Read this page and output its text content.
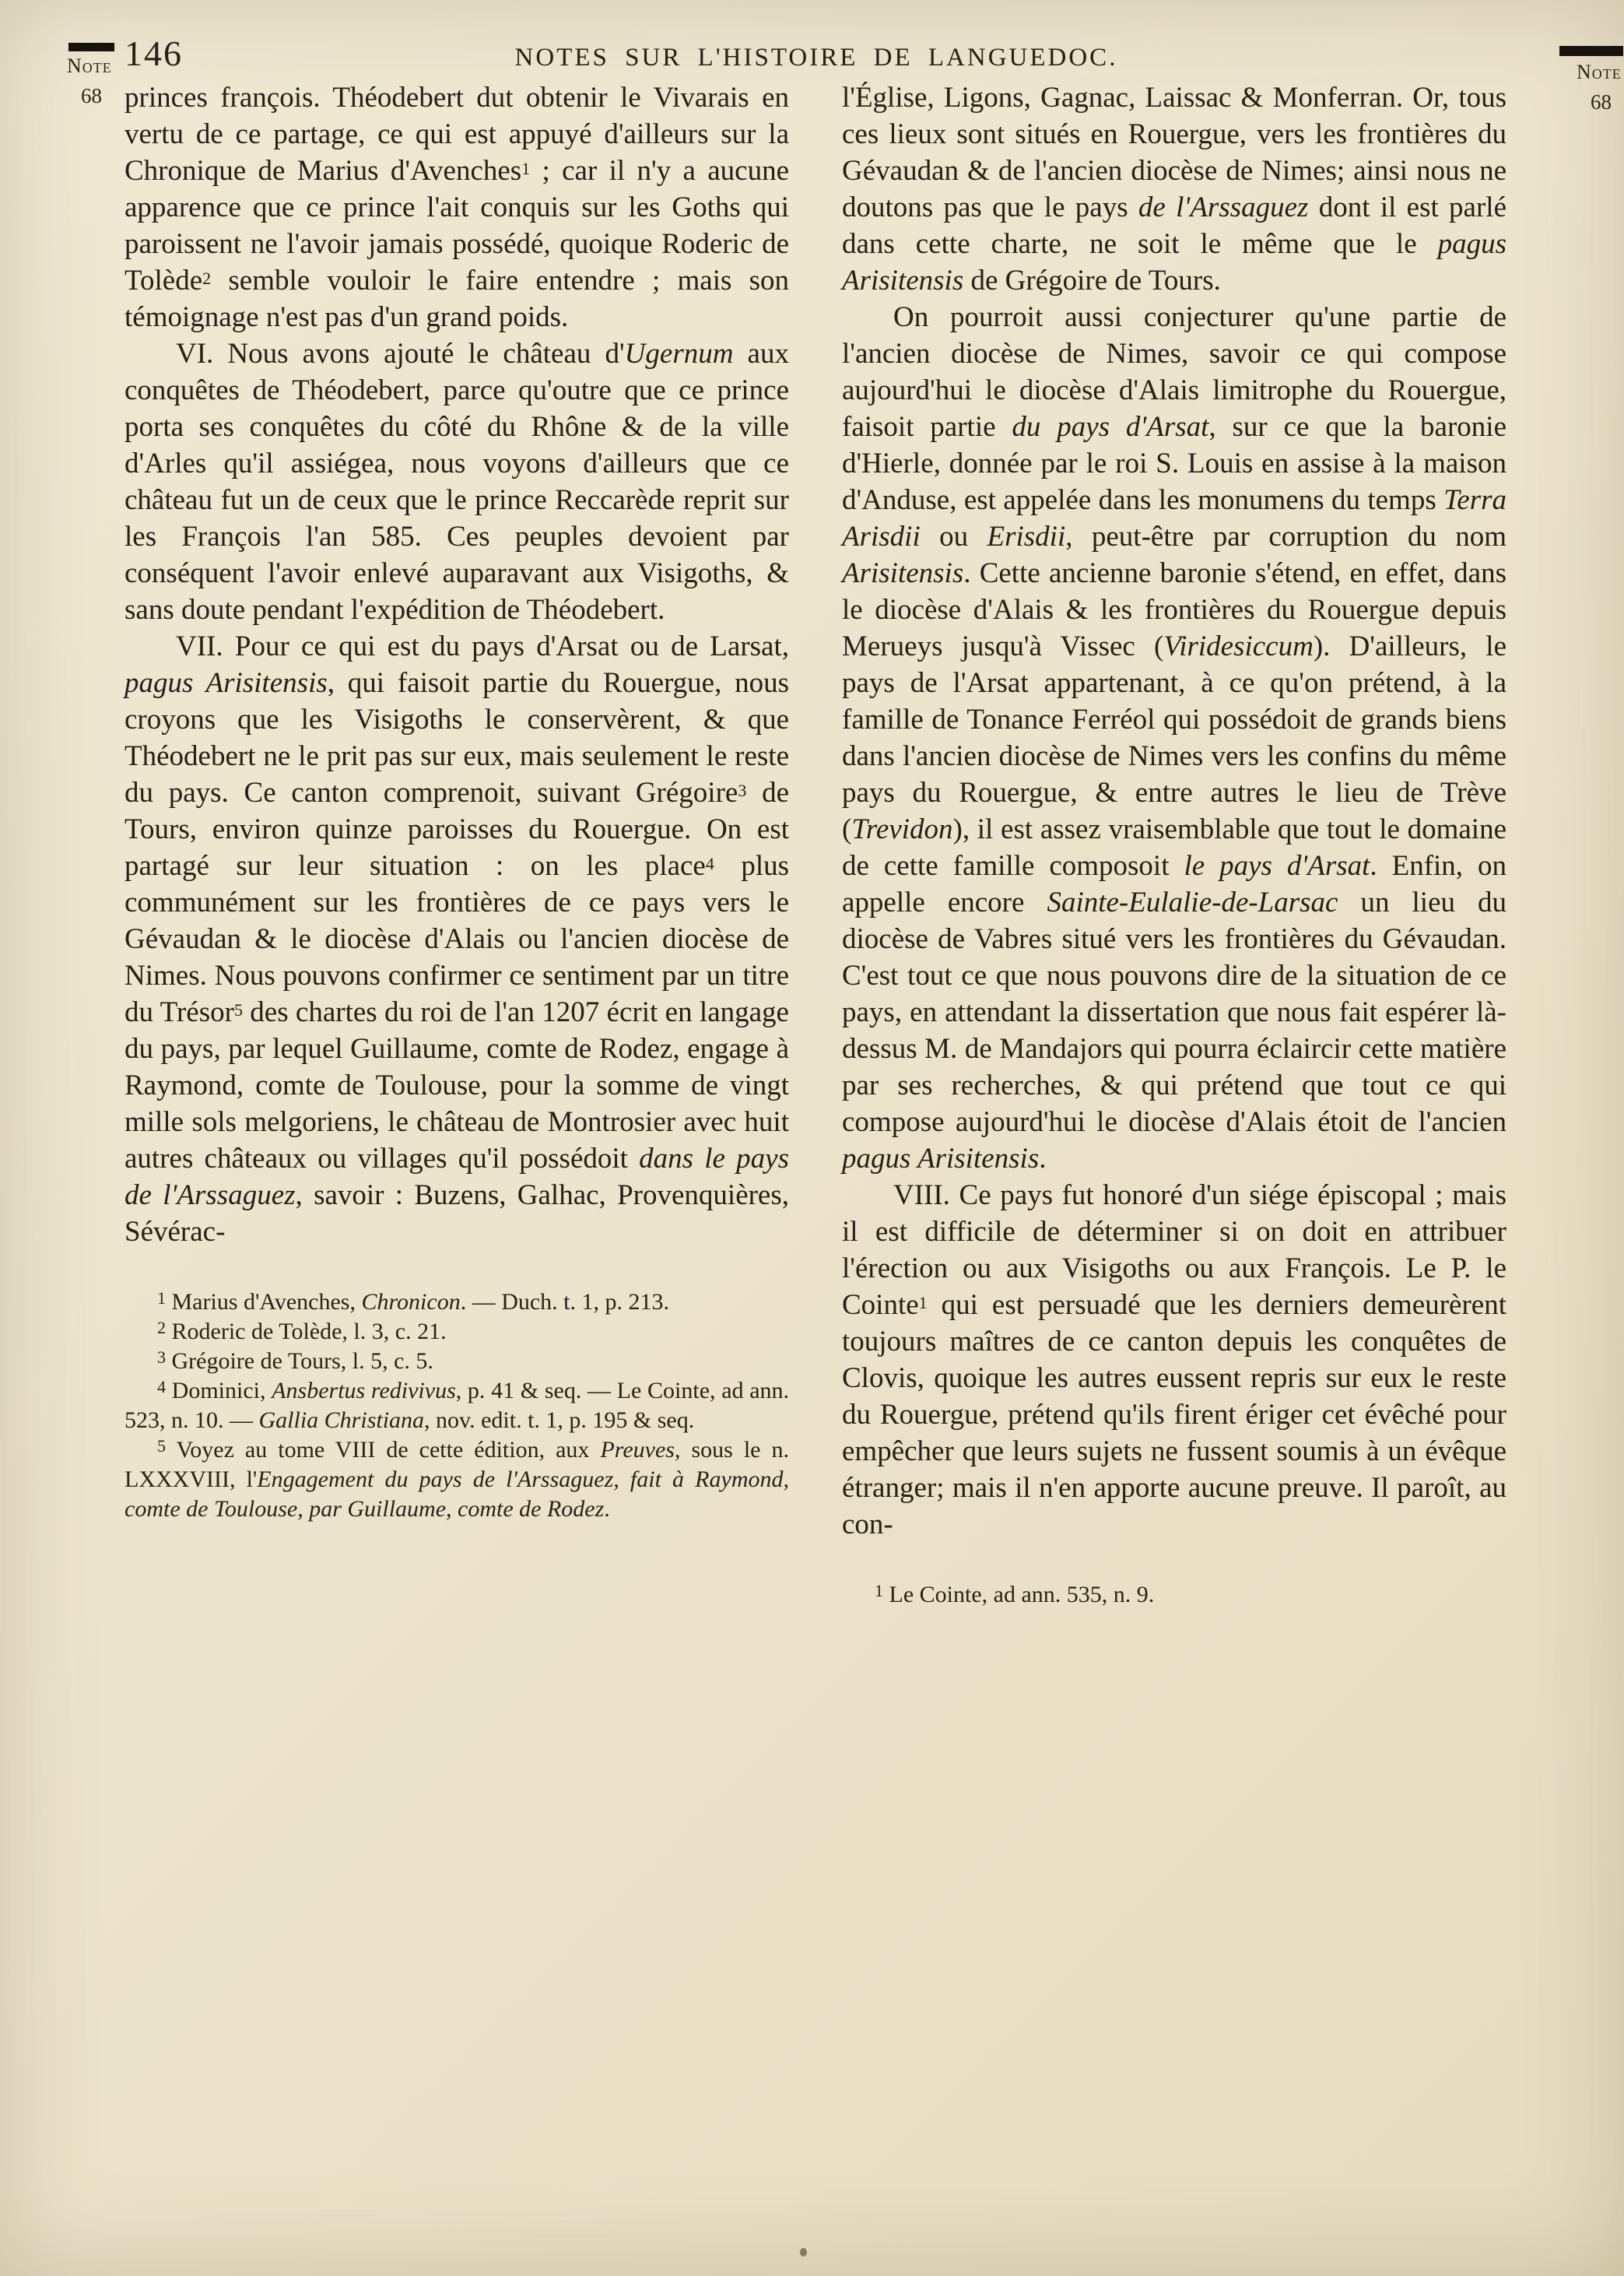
Note
68
Note
68
146	NOTES SUR L'HISTOIRE DE LANGUEDOC.

princes françois. Théodebert dut obtenir le Vivarais en vertu de ce partage, ce qui est appuyé d'ailleurs sur la Chronique de Marius d'Avenches$^1$ ; car il n'y a aucune apparence que ce prince l'ait conquis sur les Goths qui paroissent ne l'avoir jamais possédé, quoique Roderic de Tolède$^2$ semble vouloir le faire entendre ; mais son témoignage n'est pas d'un grand poids.

VI. Nous avons ajouté le château d'Ugernum aux conquêtes de Théodebert, parce qu'outre que ce prince porta ses conquêtes du côté du Rhône & de la ville d'Arles qu'il assiégea, nous voyons d'ailleurs que ce château fut un de ceux que le prince Reccarède reprit sur les François l'an 585. Ces peuples devoient par conséquent l'avoir enlevé auparavant aux Visigoths, & sans doute pendant l'expédition de Théodebert.

VII. Pour ce qui est du pays d'Arsat ou de Larsat, pagus Arisitensis, qui faisoit partie du Rouergue, nous croyons que les Visigoths le conservèrent, & que Théodebert ne le prit pas sur eux, mais seulement le reste du pays. Ce canton comprenoit, suivant Grégoire$^3$ de Tours, environ quinze paroisses du Rouergue. On est partagé sur leur situation : on les place$^4$ plus communément sur les frontières de ce pays vers le Gévaudan & le diocèse d'Alais ou l'ancien diocèse de Nimes. Nous pouvons confirmer ce sentiment par un titre du Trésor$^5$ des chartes du roi de l'an 1207 écrit en langage du pays, par lequel Guillaume, comte de Rodez, engage à Raymond, comte de Toulouse, pour la somme de vingt mille sols melgoriens, le château de Montrosier avec huit autres châteaux ou villages qu'il possédoit dans le pays de l'Arssaguez, savoir : Buzens, Galhac, Provenquières, Sévérac-

$^1$ Marius d'Avenches, Chronicon. — Duch. t. 1, p. 213.

$^2$ Roderic de Tolède, l. 3, c. 21.

$^3$ Grégoire de Tours, l. 5, c. 5.

$^4$ Dominici, Ansbertus redivivus, p. 41 & seq. — Le Cointe, ad ann. 523, n. 10. — Gallia Christiana, nov. edit. t. 1, p. 195 & seq.

$^5$ Voyez au tome VIII de cette édition, aux Preuves, sous le n. LXXXVIII, l'Engagement du pays de l'Arssaguez, fait à Raymond, comte de Toulouse, par Guillaume, comte de Rodez.

l'Église, Ligons, Gagnac, Laissac & Monferran. Or, tous ces lieux sont situés en Rouergue, vers les frontières du Gévaudan & de l'ancien diocèse de Nimes; ainsi nous ne doutons pas que le pays de l'Arssaguez dont il est parlé dans cette charte, ne soit le même que le pagus Arisitensis de Grégoire de Tours.

On pourroit aussi conjecturer qu'une partie de l'ancien diocèse de Nimes, savoir ce qui compose aujourd'hui le diocèse d'Alais limitrophe du Rouergue, faisoit partie du pays d'Arsat, sur ce que la baronie d'Hierle, donnée par le roi S. Louis en assise à la maison d'Anduse, est appelée dans les monumens du temps Terra Arisdii ou Erisdii, peut-être par corruption du nom Arisitensis. Cette ancienne baronie s'étend, en effet, dans le diocèse d'Alais & les frontières du Rouergue depuis Merueys jusqu'à Vissec (Viridesiccum). D'ailleurs, le pays de l'Arsat appartenant, à ce qu'on prétend, à la famille de Tonance Ferréol qui possédoit de grands biens dans l'ancien diocèse de Nimes vers les confins du même pays du Rouergue, & entre autres le lieu de Trève (Trevidon), il est assez vraisemblable que tout le domaine de cette famille composoit le pays d'Arsat. Enfin, on appelle encore Sainte-Eulalie-de-Larsac un lieu du diocèse de Vabres situé vers les frontières du Gévaudan. C'est tout ce que nous pouvons dire de la situation de ce pays, en attendant la dissertation que nous fait espérer là-dessus M. de Mandajors qui pourra éclaircir cette matière par ses recherches, & qui prétend que tout ce qui compose aujourd'hui le diocèse d'Alais étoit de l'ancien pagus Arisitensis.

VIII. Ce pays fut honoré d'un siége épiscopal ; mais il est difficile de déterminer si on doit en attribuer l'érection ou aux Visigoths ou aux François. Le P. le Cointe$^1$ qui est persuadé que les derniers demeurèrent toujours maîtres de ce canton depuis les conquêtes de Clovis, quoique les autres eussent repris sur eux le reste du Rouergue, prétend qu'ils firent ériger cet évêché pour empêcher que leurs sujets ne fussent soumis à un évêque étranger; mais il n'en apporte aucune preuve. Il paroît, au con-

$^1$ Le Cointe, ad ann. 535, n. 9.
